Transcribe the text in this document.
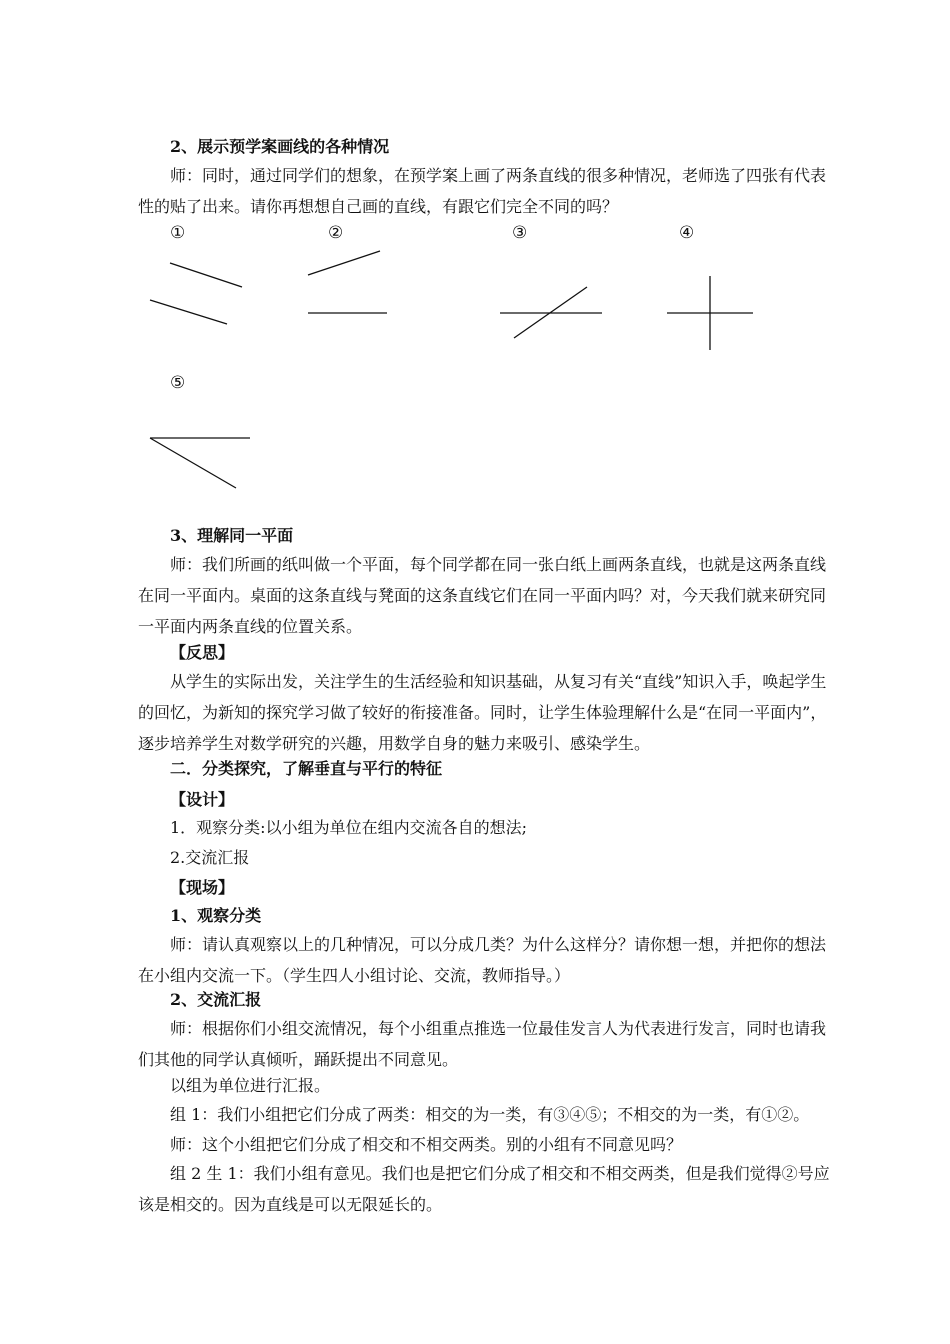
2、展示预学案画线的各种情况
师：同时，通过同学们的想象，在预学案上画了两条直线的很多种情况，老师选了四张有代表性的贴了出来。请你再想想自己画的直线，有跟它们完全不同的吗？
①	②	③	④
⑤
3、理解同一平面
师：我们所画的纸叫做一个平面，每个同学都在同一张白纸上画两条直线，也就是这两条直线在同一平面内。桌面的这条直线与凳面的这条直线它们在同一平面内吗？对，今天我们就来研究同一平面内两条直线的位置关系。
【反思】
从学生的实际出发，关注学生的生活经验和知识基础，从复习有关“直线”知识入手，唤起学生的回忆，为新知的探究学习做了较好的衔接准备。同时，让学生体验理解什么是“在同一平面内”，逐步培养学生对数学研究的兴趣，用数学自身的魅力来吸引、感染学生。
二．分类探究，了解垂直与平行的特征
【设计】
1．观察分类:以小组为单位在组内交流各自的想法;
2.交流汇报
【现场】
1、观察分类
师：请认真观察以上的几种情况，可以分成几类？为什么这样分？请你想一想，并把你的想法在小组内交流一下。（学生四人小组讨论、交流，教师指导。）
2、交流汇报
师：根据你们小组交流情况，每个小组重点推选一位最佳发言人为代表进行发言，同时也请我们其他的同学认真倾听，踊跃提出不同意见。
以组为单位进行汇报。
组 1：我们小组把它们分成了两类：相交的为一类，有③④⑤；不相交的为一类，有①②。
师：这个小组把它们分成了相交和不相交两类。别的小组有不同意见吗？
组 2 生 1：我们小组有意见。我们也是把它们分成了相交和不相交两类，但是我们觉得②号应该是相交的。因为直线是可以无限延长的。
